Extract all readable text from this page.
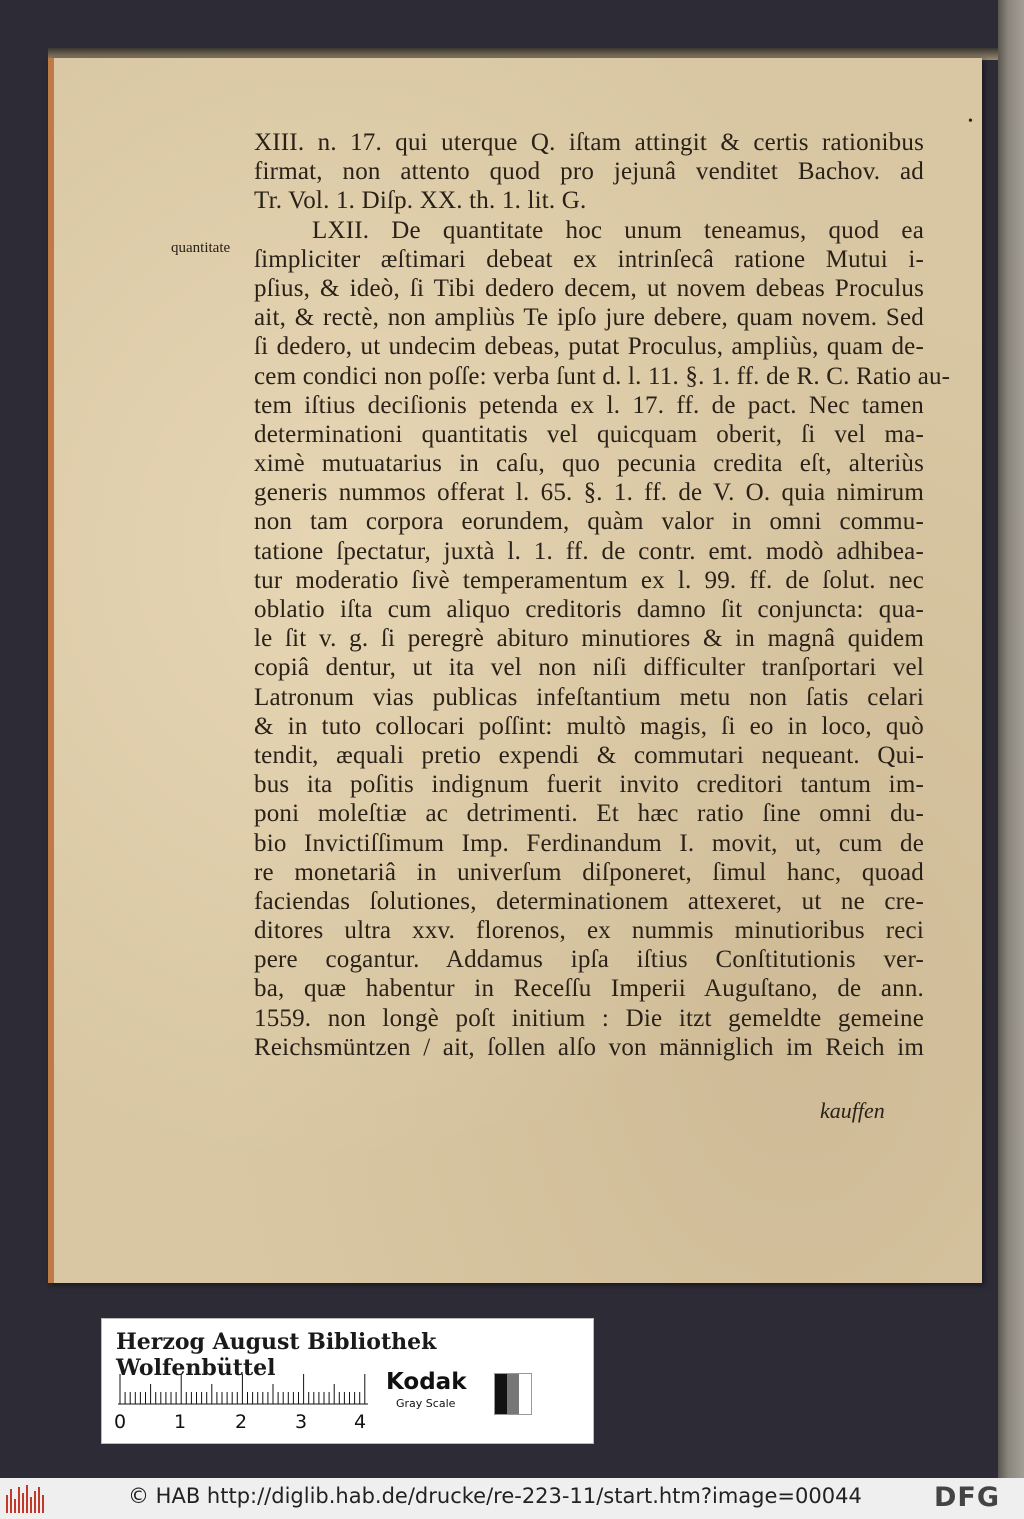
•
quantitate
XIII. n. 17. qui uterque Q. iſtam attingit & certis rationibus
firmat, non attento quod pro jejunâ venditet Bachov. ad
Tr. Vol. 1. Diſp. XX. th. 1. lit. G.
LXII. De quantitate hoc unum teneamus, quod ea
ſimpliciter æſtimari debeat ex intrinſecâ ratione Mutui i-
pſius, & ideò, ſi Tibi dedero decem, ut novem debeas Proculus
ait, & rectè, non ampliùs Te ipſo jure debere, quam novem. Sed
ſi dedero, ut undecim debeas, putat Proculus, ampliùs, quam de-
cem condici non poſſe: verba ſunt d. l. 11. §. 1. ff. de R. C. Ratio au-
tem iſtius deciſionis petenda ex l. 17. ff. de pact. Nec tamen
determinationi quantitatis vel quicquam oberit, ſi vel ma-
ximè mutuatarius in caſu, quo pecunia credita eſt, alteriùs
generis nummos offerat l. 65. §. 1. ff. de V. O. quia nimirum
non tam corpora eorundem, quàm valor in omni commu-
tatione ſpectatur, juxtà l. 1. ff. de contr. emt. modò adhibea-
tur moderatio ſivè temperamentum ex l. 99. ff. de ſolut. nec
oblatio iſta cum aliquo creditoris damno ſit conjuncta: qua-
le ſit v. g. ſi peregrè abituro minutiores & in magnâ quidem
copiâ dentur, ut ita vel non niſi difficulter tranſportari vel
Latronum vias publicas infeſtantium metu non ſatis celari
& in tuto collocari poſſint: multò magis, ſi eo in loco, quò
tendit, æquali pretio expendi & commutari nequeant. Qui-
bus ita poſitis indignum fuerit invito creditori tantum im-
poni moleſtiæ ac detrimenti. Et hæc ratio ſine omni du-
bio Invictiſſimum Imp. Ferdinandum I. movit, ut, cum de
re monetariâ in univerſum diſponeret, ſimul hanc, quoad
faciendas ſolutiones, determinationem attexeret, ut ne cre-
ditores ultra xxv. florenos, ex nummis minutioribus reci
pere cogantur. Addamus ipſa iſtius Conſtitutionis ver-
ba, quæ habentur in Receſſu Imperii Auguſtano, de ann.
1559. non longè poſt initium : Die itzt gemeldte gemeine
Reichsmüntzen / ait, ſollen alſo von männiglich im Reich im
kauffen
Herzog August Bibliothek Wolfenbüttel
0	1	2	3 4
Kodak
Gray Scale
© HAB http://diglib.hab.de/drucke/re-223-11/start.htm?image=00044	DFG
